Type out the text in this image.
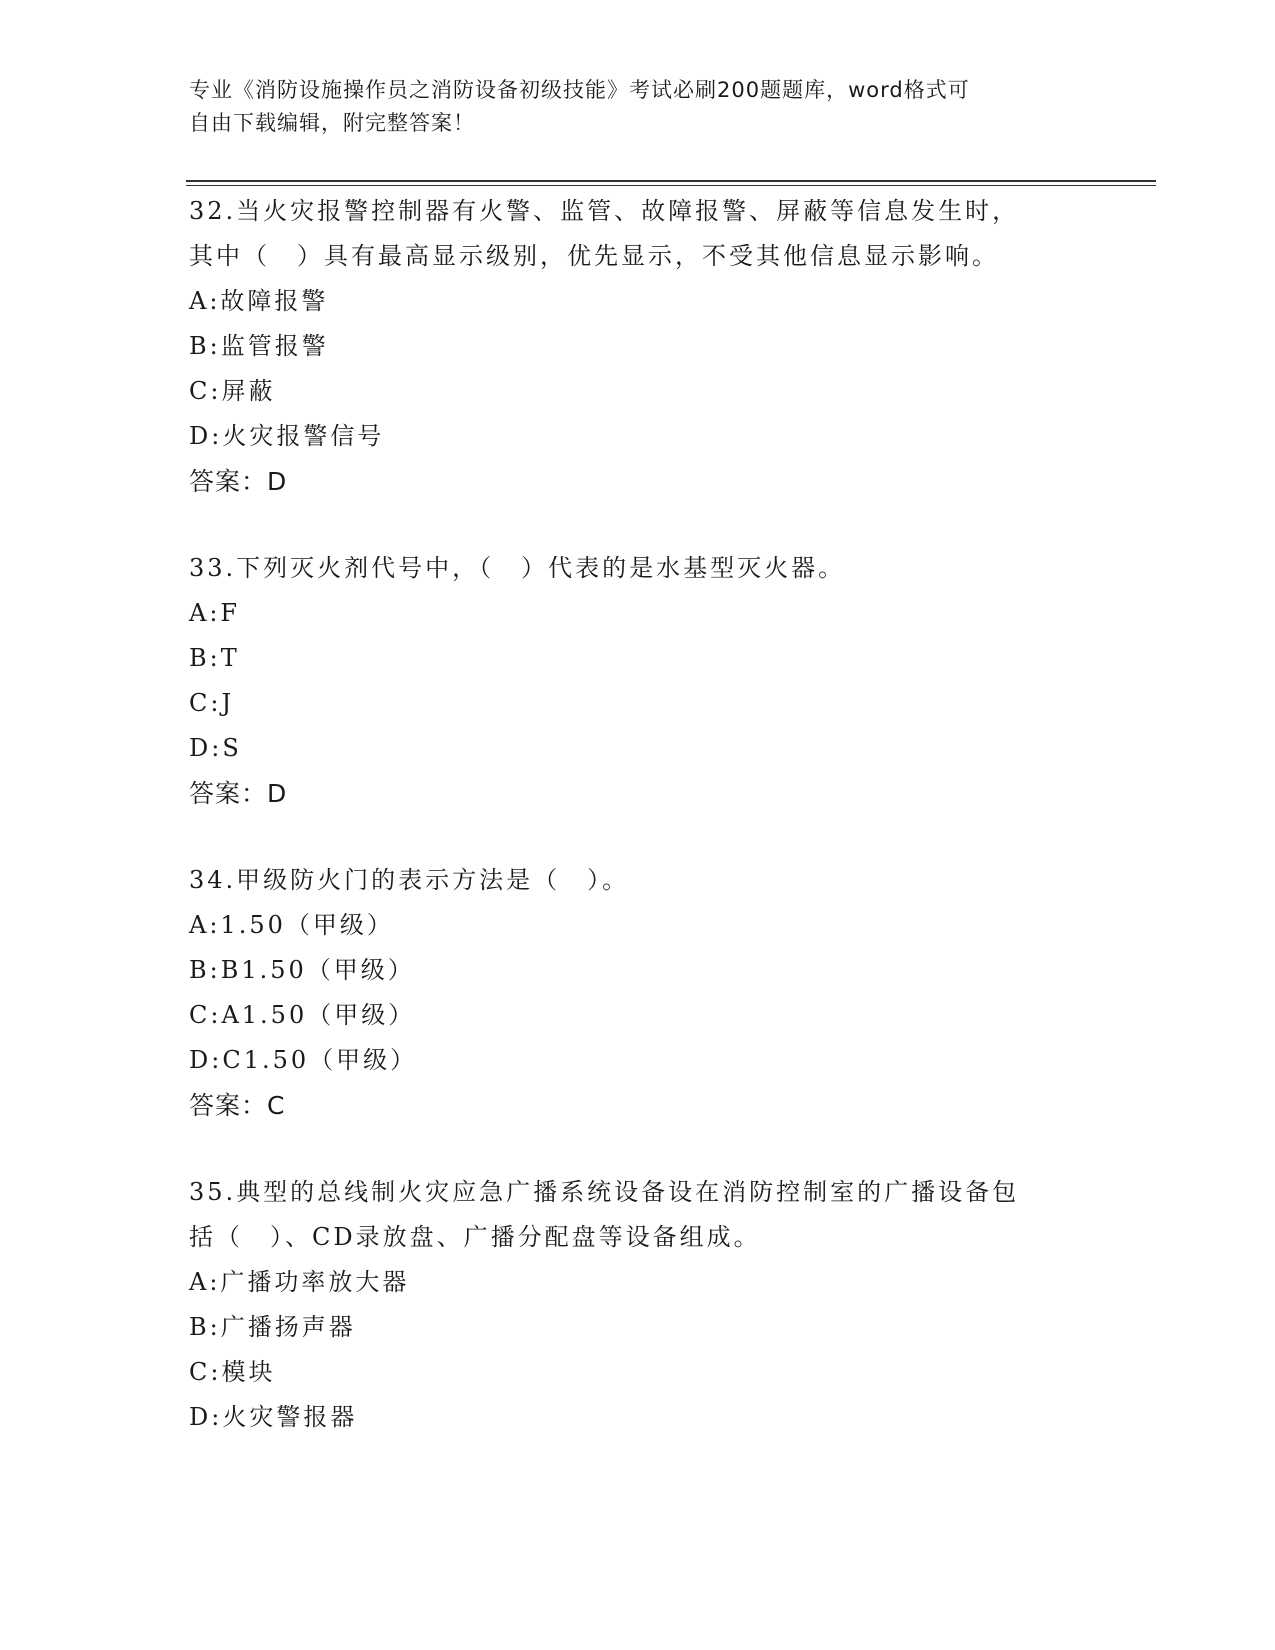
专业《消防设施操作员之消防设备初级技能》考试必刷200题题库，word格式可
自由下载编辑，附完整答案！
32.当火灾报警控制器有火警、监管、故障报警、屏蔽等信息发生时，
其中（　）具有最高显示级别，优先显示，不受其他信息显示影响。
A:故障报警
B:监管报警
C:屏蔽
D:火灾报警信号
答案：D
33.下列灭火剂代号中，（　）代表的是水基型灭火器。
A:F
B:T
C:J
D:S
答案：D
34.甲级防火门的表示方法是（　）。
A:1.50（甲级）
B:B1.50（甲级）
C:A1.50（甲级）
D:C1.50（甲级）
答案：C
35.典型的总线制火灾应急广播系统设备设在消防控制室的广播设备包
括（　）、CD录放盘、广播分配盘等设备组成。
A:广播功率放大器
B:广播扬声器
C:模块
D:火灾警报器
